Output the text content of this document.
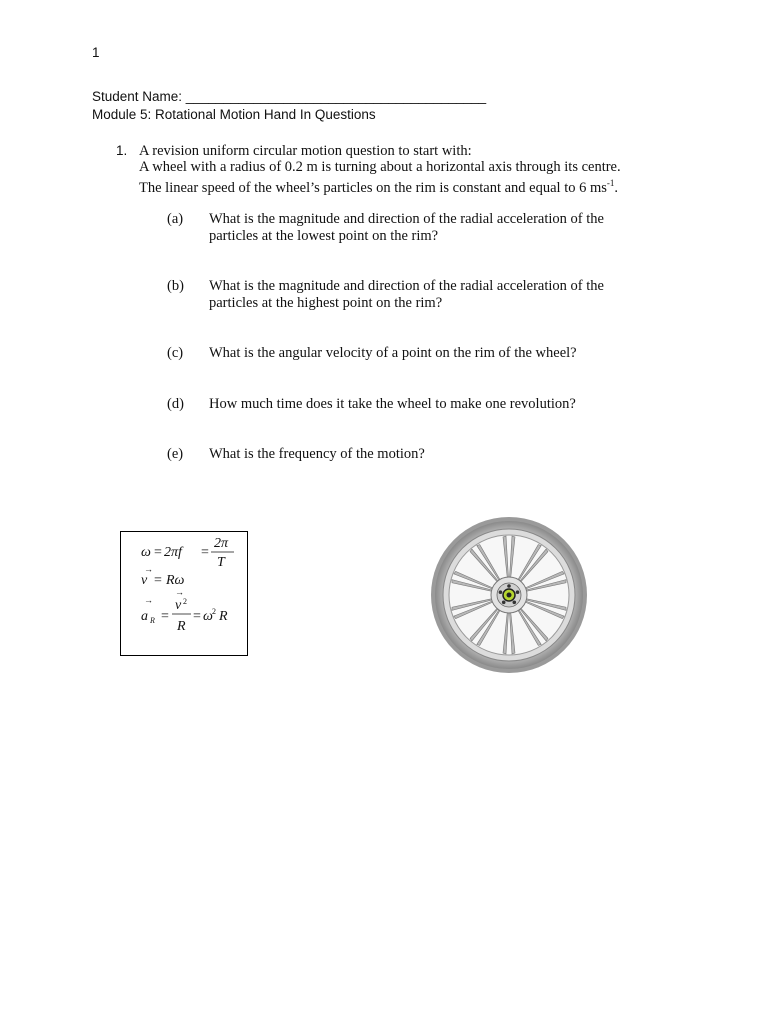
1
Student Name: ________________________________________
Module 5: Rotational Motion Hand In Questions
1. A revision uniform circular motion question to start with:
A wheel with a radius of 0.2 m is turning about a horizontal axis through its centre.
The linear speed of the wheel’s particles on the rim is constant and equal to 6 $ms^{-1}$.
(a) What is the magnitude and direction of the radial acceleration of the particles at the lowest point on the rim?
(b) What is the magnitude and direction of the radial acceleration of the particles at the highest point on the rim?
(c) What is the angular velocity of a point on the rim of the wheel?
(d) How much time does it take the wheel to make one revolution?
(e) What is the frequency of the motion?
ω = 2πf =
2π
T
→
v = Rω
→
→
a R =
v 2
R
= ω 2 R
